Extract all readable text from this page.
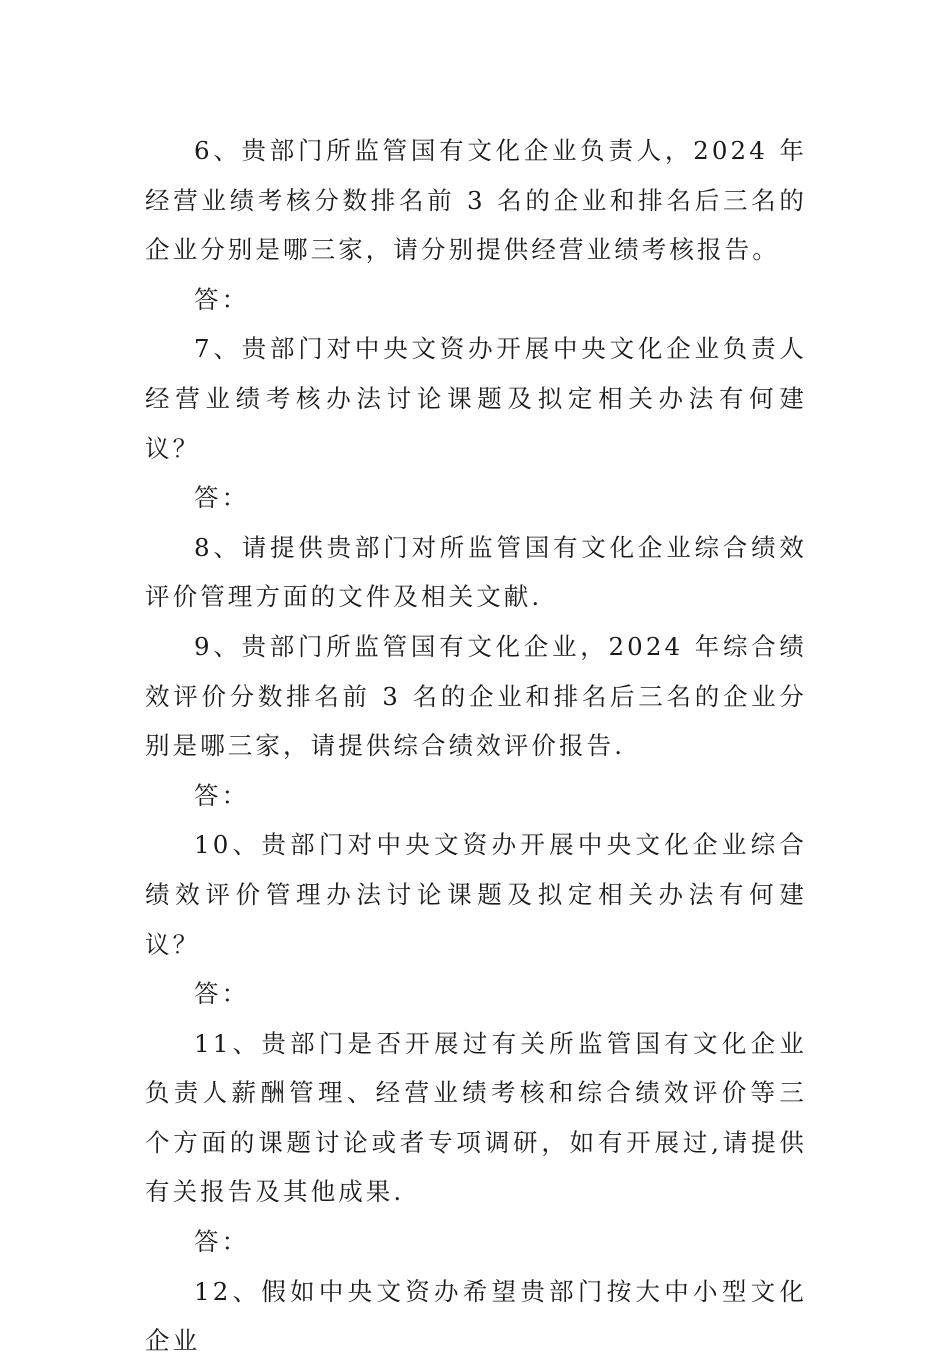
6、贵部门所监管国有文化企业负责人，2024 年经营业绩考核分数排名前 3 名的企业和排名后三名的企业分别是哪三家，请分别提供经营业绩考核报告。

答：

7、贵部门对中央文资办开展中央文化企业负责人经营业绩考核办法讨论课题及拟定相关办法有何建议？

答：

8、请提供贵部门对所监管国有文化企业综合绩效评价管理方面的文件及相关文献.

9、贵部门所监管国有文化企业，2024 年综合绩效评价分数排名前 3 名的企业和排名后三名的企业分别是哪三家，请提供综合绩效评价报告.

答：

10、贵部门对中央文资办开展中央文化企业综合绩效评价管理办法讨论课题及拟定相关办法有何建议？

答：

11、贵部门是否开展过有关所监管国有文化企业负责人薪酬管理、经营业绩考核和综合绩效评价等三个方面的课题讨论或者专项调研，如有开展过,请提供有关报告及其他成果.

答：

12、假如中央文资办希望贵部门按大中小型文化企业
